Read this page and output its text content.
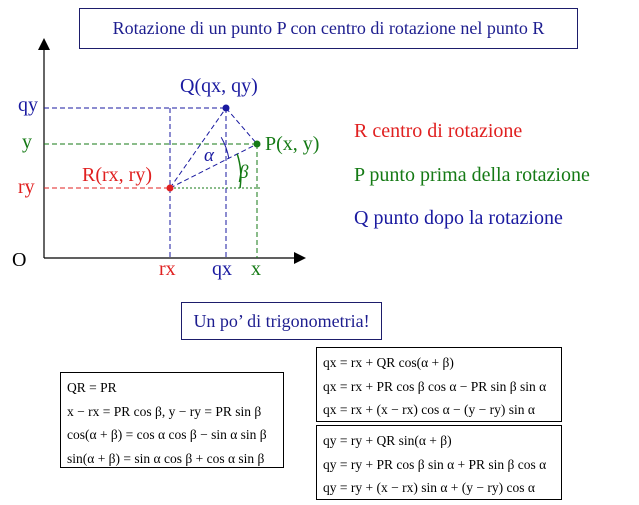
Rotazione di un punto P con centro di rotazione nel punto R
Q(qx, qy)
P(x, y)
R(rx, ry)
α
β
qy
y
ry
O	rx qx x
R centro di rotazione
P punto prima della rotazione
Q punto dopo la rotazione
Un po’ di trigonometria!
QR = PR
x − rx = PR cos β, y − ry = PR sin β
cos(α + β) = cos α cos β − sin α sin β
sin(α + β) = sin α cos β + cos α sin β
qx = rx + QR cos(α + β)
qx = rx + PR cos β cos α − PR sin β sin α
qx = rx + (x − rx) cos α − (y − ry) sin α
qy = ry + QR sin(α + β)
qy = ry + PR cos β sin α + PR sin β cos α
qy = ry + (x − rx) sin α + (y − ry) cos α
